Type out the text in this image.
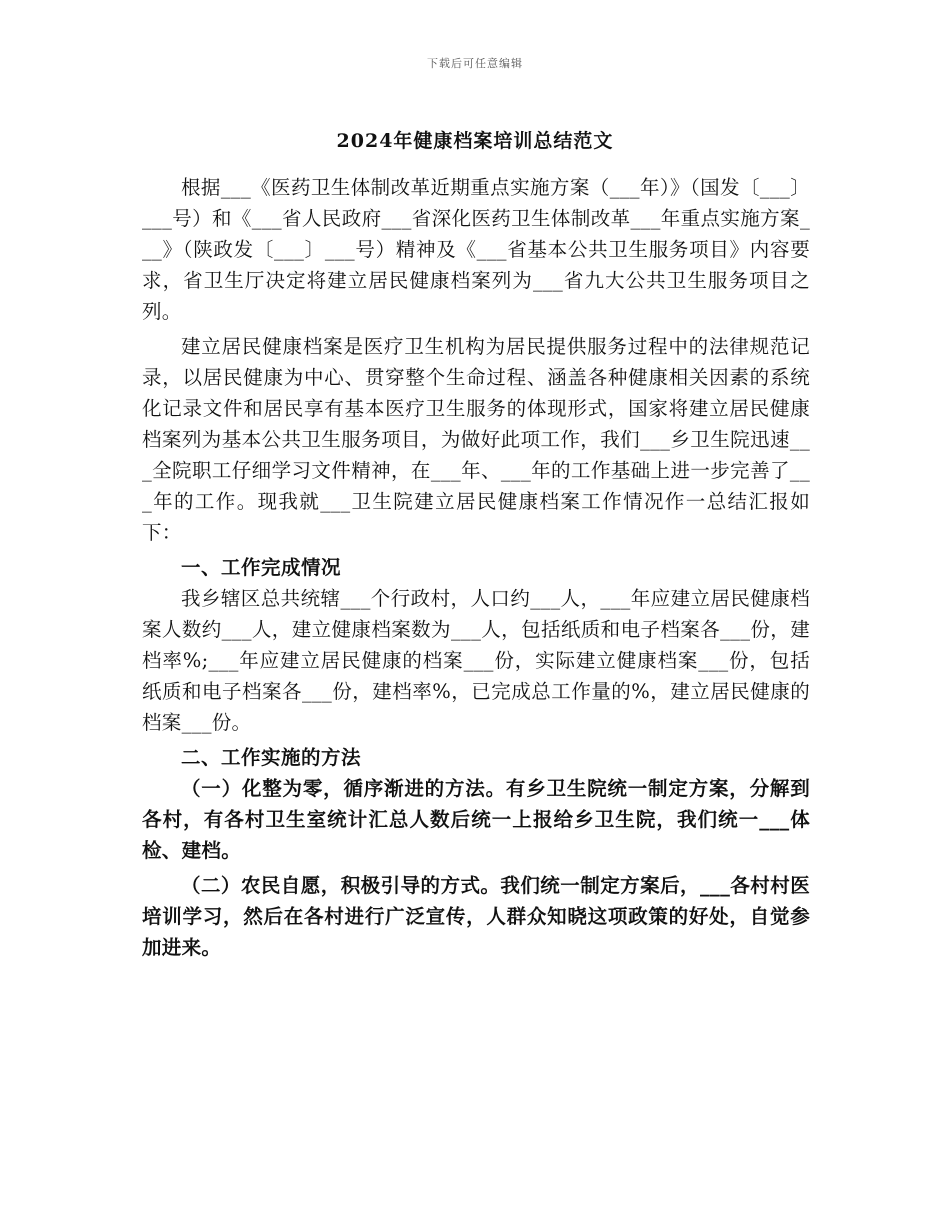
下载后可任意编辑
2024年健康档案培训总结范文

根据___《医药卫生体制改革近期重点实施方案（___年）》（国发〔___〕___号）和《___省人民政府___省深化医药卫生体制改革___年重点实施方案___》（陕政发〔___〕___号）精神及《___省基本公共卫生服务项目》内容要求，省卫生厅决定将建立居民健康档案列为___省九大公共卫生服务项目之列。

建立居民健康档案是医疗卫生机构为居民提供服务过程中的法律规范记录，以居民健康为中心、贯穿整个生命过程、涵盖各种健康相关因素的系统化记录文件和居民享有基本医疗卫生服务的体现形式，国家将建立居民健康档案列为基本公共卫生服务项目，为做好此项工作，我们___乡卫生院迅速___全院职工仔细学习文件精神，在___年、___年的工作基础上进一步完善了___年的工作。现我就___卫生院建立居民健康档案工作情况作一总结汇报如下：

一、工作完成情况

我乡辖区总共统辖___个行政村，人口约___人，___年应建立居民健康档案人数约___人，建立健康档案数为___人，包括纸质和电子档案各___份，建档率%;___年应建立居民健康的档案___份，实际建立健康档案___份，包括纸质和电子档案各___份，建档率%，已完成总工作量的%，建立居民健康的档案___份。

二、工作实施的方法

（一）化整为零，循序渐进的方法。有乡卫生院统一制定方案，分解到各村，有各村卫生室统计汇总人数后统一上报给乡卫生院，我们统一___体检、建档。

（二）农民自愿，积极引导的方式。我们统一制定方案后，___各村村医培训学习，然后在各村进行广泛宣传，人群众知晓这项政策的好处，自觉参加进来。
